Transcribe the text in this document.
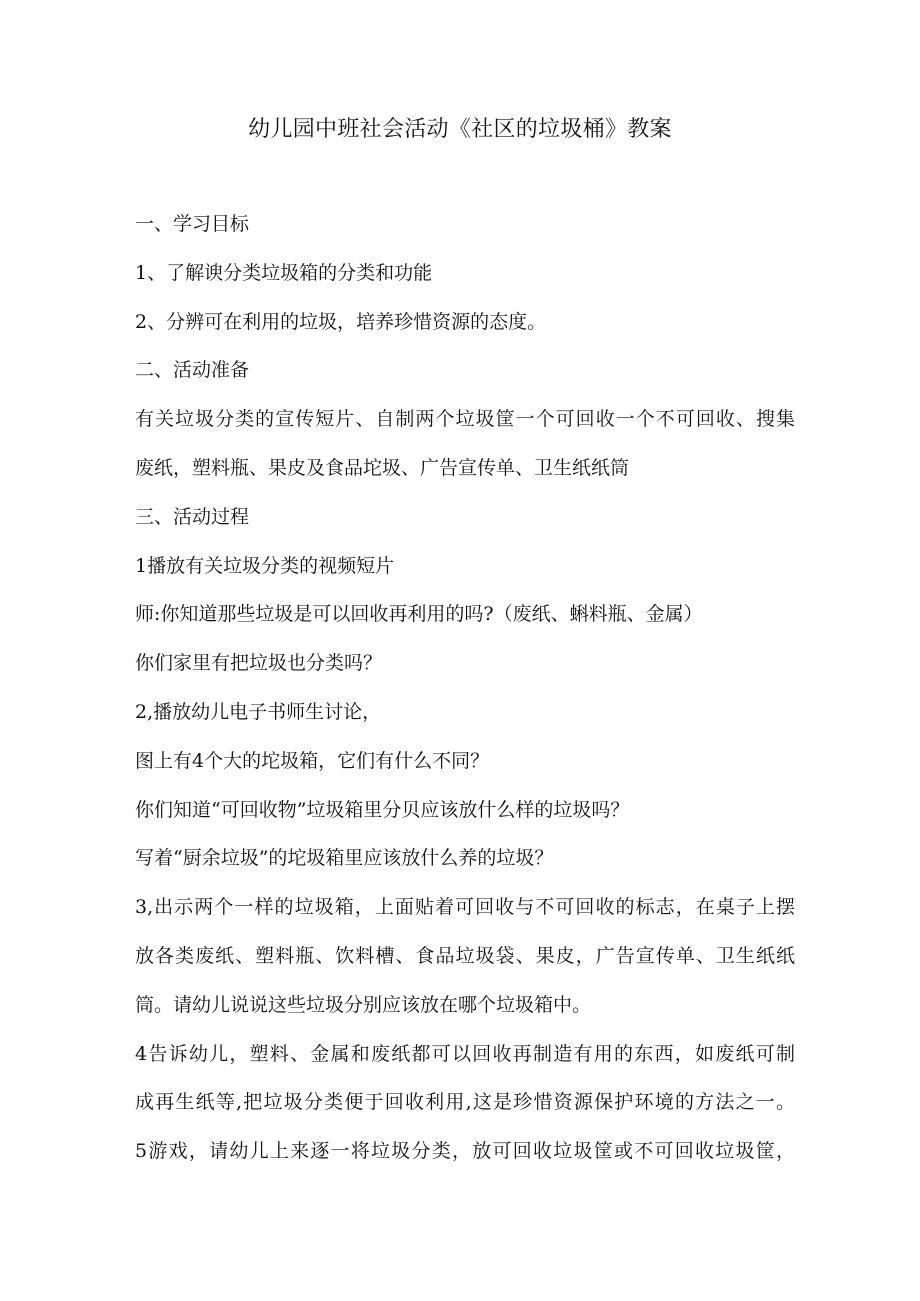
幼儿园中班社会活动《社区的垃圾桶》教案
一、学习目标
1、了解谀分类垃圾箱的分类和功能
2、分辨可在利用的垃圾，培养珍惜资源的态度。
二、活动准备
有关垃圾分类的宣传短片、自制两个垃圾筐一个可回收一个不可回收、搜集
废纸，塑料瓶、果皮及食品坨圾、广告宣传单、卫生纸纸筒
三、活动过程
1播放有关垃圾分类的视频短片
师:你知道那些垃圾是可以回收再利用的吗?（废纸、蝌料瓶、金属）
你们家里有把垃圾也分类吗？
2,播放幼儿电子书师生讨论，
图上有4个大的坨圾箱，它们有什么不同？
你们知道“可回收物”垃圾箱里分贝应该放什么样的垃圾吗？
写着“厨余垃圾”的坨圾箱里应该放什么养的垃圾？
3,出示两个一样的垃圾箱，上面贴着可回收与不可回收的标志，在桌子上摆
放各类废纸、塑料瓶、饮料槽、食品垃圾袋、果皮，广告宣传单、卫生纸纸
筒。请幼儿说说这些垃圾分别应该放在哪个垃圾箱中。
4告诉幼儿，塑料、金属和废纸都可以回收再制造有用的东西，如废纸可制
成再生纸等,把垃圾分类便于回收利用,这是珍惜资源保护环境的方法之一。
5游戏，请幼儿上来逐一将垃圾分类，放可回收垃圾筐或不可回收垃圾筐，
